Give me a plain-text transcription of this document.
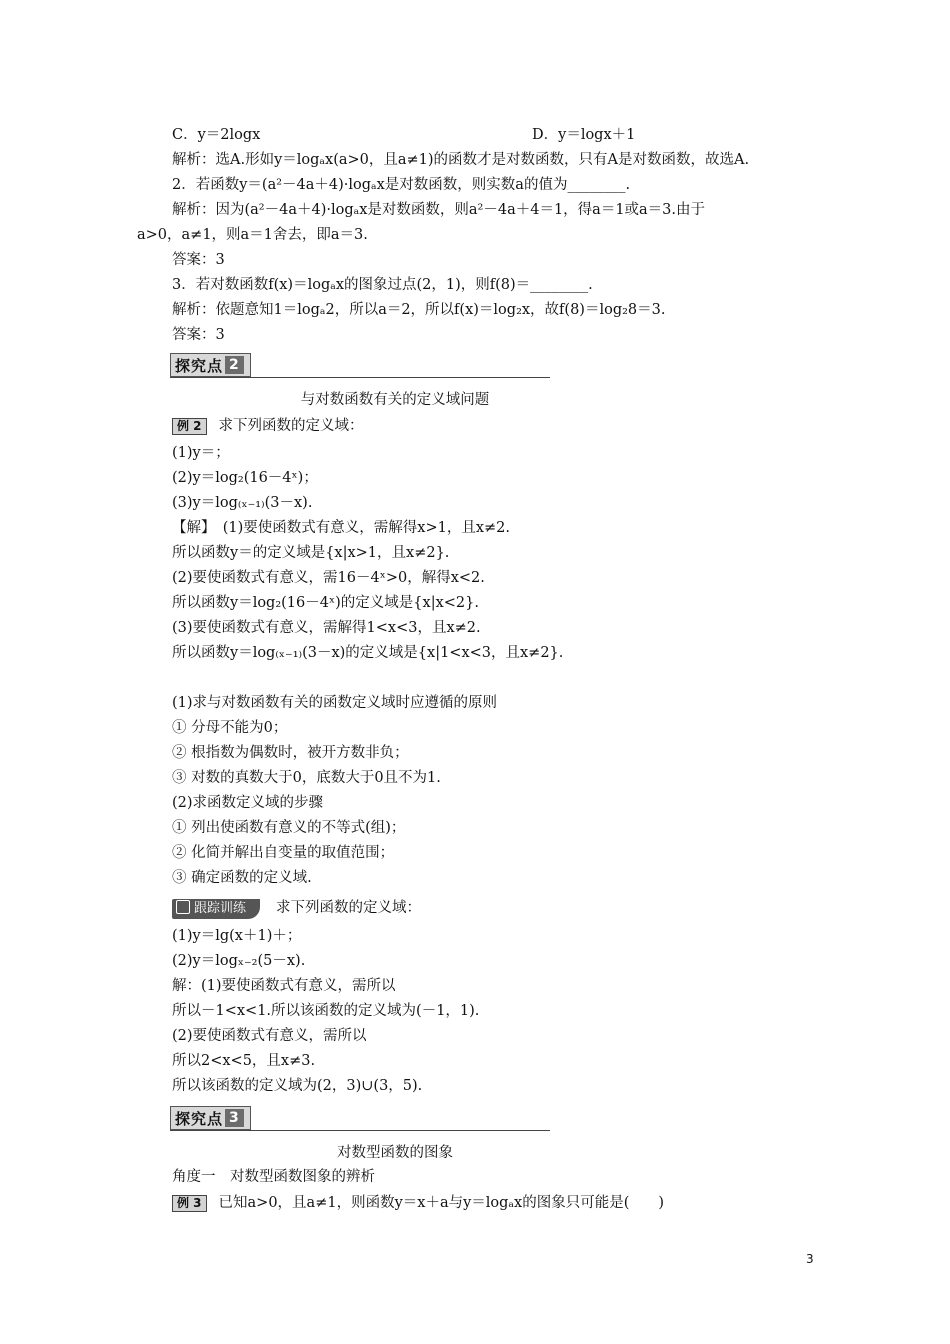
探究点 2
与对数函数有关的定义域问题
例 2 求下列函数的定义域：
跟踪训练 求下列函数的定义域：
探究点 3
对数型函数的图象
角度一　对数型函数图象的辨析
例 3 已知a>0，且a≠1，则函数y＝x＋a与y＝logₐx的图象只可能是(　　)
3
C．y＝2logx	D．y＝logx＋1
解析：选A.形如y＝logₐx(a>0，且a≠1)的函数才是对数函数，只有A是对数函数，故选A.
2．若函数y＝(a²－4a＋4)·logₐx是对数函数，则实数a的值为________.
解析：因为(a²－4a＋4)·logₐx是对数函数，则a²－4a＋4＝1，得a＝1或a＝3.由于
a>0，a≠1，则a＝1舍去，即a＝3.
答案：3
3．若对数函数f(x)＝logₐx的图象过点(2，1)，则f(8)＝________.
解析：依题意知1＝logₐ2，所以a＝2，所以f(x)＝log₂x，故f(8)＝log₂8＝3.
答案：3
(1)y＝；
(2)y＝log₂(16－4ˣ)；
(3)y＝log₍ₓ₋₁₎(3－x).
【解】　(1)要使函数式有意义，需解得x>1，且x≠2.
所以函数y＝的定义域是{x|x>1，且x≠2}.
(2)要使函数式有意义，需16－4ˣ>0，解得x<2.
所以函数y＝log₂(16－4ˣ)的定义域是{x|x<2}.
(3)要使函数式有意义，需解得1<x<3，且x≠2.
所以函数y＝log₍ₓ₋₁₎(3－x)的定义域是{x|1<x<3，且x≠2}.
(1)求与对数函数有关的函数定义域时应遵循的原则
① 分母不能为0；
② 根指数为偶数时，被开方数非负；
③ 对数的真数大于0，底数大于0且不为1.
(2)求函数定义域的步骤
① 列出使函数有意义的不等式(组)；
② 化简并解出自变量的取值范围；
③ 确定函数的定义域.
(1)y＝lg(x＋1)＋；
(2)y＝logₓ₋₂(5－x).
解：(1)要使函数式有意义，需所以
所以－1<x<1.所以该函数的定义域为(－1，1).
(2)要使函数式有意义，需所以
所以2<x<5，且x≠3.
所以该函数的定义域为(2，3)∪(3，5).
